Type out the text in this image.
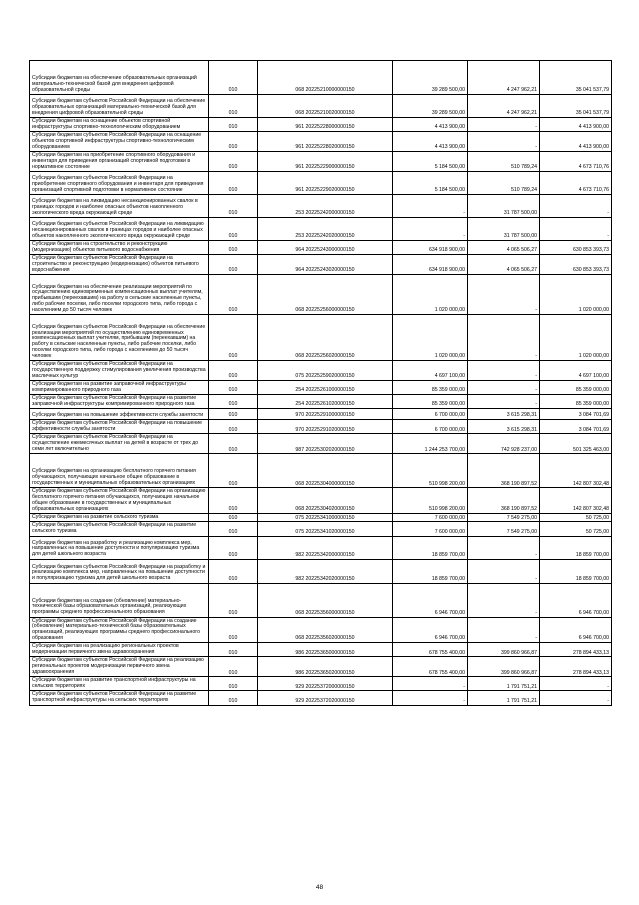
Субсидии бюджетам на обеспечение образовательных организаций материально-технической базой для внедрения цифровой образовательной среды	010	068 20225210000000150	39 289 500,00	4 247 962,21	35 041 537,79
Субсидии бюджетам субъектов Российской Федерации на обеспечение образовательных организаций материально-технической базой для внедрения цифровой образовательной среды	010	068 20225210020000150	39 289 500,00	4 247 962,21	35 041 537,79
Субсидии бюджетам на оснащение объектов спортивной инфраструктуры спортивно-технологическим оборудованием	010	961 20225228000000150	4 413 900,00	-	4 413 900,00
Субсидии бюджетам субъектов Российской Федерации на оснащение объектов спортивной инфраструктуры спортивно-технологическим оборудованием	010	961 20225228020000150	4 413 900,00	-	4 413 900,00
Субсидии бюджетам на приобретение спортивного оборудования и инвентаря для приведения организаций спортивной подготовки в нормативное состояние	010	961 20225229000000150	5 184 500,00	510 789,24	4 673 710,76
Субсидии бюджетам субъектов Российской Федерации на приобретение спортивного оборудования и инвентаря для приведения организаций спортивной подготовки в нормативное состояние	010	961 20225229020000150	5 184 500,00	510 789,24	4 673 710,76
Субсидии бюджетам на ликвидацию несанкционированных свалок в границах городов и наиболее опасных объектов накопленного экологического вреда окружающей среде	010	253 20225242000000150	-	31 787 500,00	-
Субсидии бюджетам субъектов Российской Федерации на ликвидацию несанкционированных свалок в границах городов и наиболее опасных объектов накопленного экологического вреда окружающей среде	010	253 20225242020000150	-	31 787 500,00	-
Субсидии бюджетам на строительство и реконструкцию (модернизацию) объектов питьевого водоснабжения	010	964 20225243000000150	634 918 900,00	4 065 506,27	630 853 393,73
Субсидии бюджетам субъектов Российской Федерации на строительство и реконструкцию (модернизацию) объектов питьевого водоснабжения	010	964 20225243020000150	634 918 900,00	4 065 506,27	630 853 393,73
Субсидии бюджетам на обеспечение реализации мероприятий по осуществлению единовременных компенсационных выплат учителям, прибывшим (переехавшим) на работу в сельские населенные пункты, либо рабочие поселки, либо поселки городского типа, либо города с населением до 50 тысяч человек	010	068 20225256000000150	1 020 000,00	-	1 020 000,00
Субсидии бюджетам субъектов Российской Федерации на обеспечение реализации мероприятий по осуществлению единовременных компенсационных выплат учителям, прибывшим (переехавшим) на работу в сельские населенные пункты, либо рабочие поселки, либо поселки городского типа, либо города с населением до 50 тысяч человек	010	068 20225256020000150	1 020 000,00	-	1 020 000,00
Субсидии бюджетам субъектов Российской Федерации на государственную поддержку стимулирования увеличения производства масличных культур	010	075 20225259020000150	4 697 100,00	-	4 697 100,00
Субсидии бюджетам на развитие заправочной инфраструктуры компримированного природного газа	010	254 20225261000000150	85 359 000,00	-	85 359 000,00
Субсидии бюджетам субъектов Российской Федерации на развитие заправочной инфраструктуры компримированного природного газа	010	254 20225261020000150	85 359 000,00	-	85 359 000,00
Субсидии бюджетам на повышение эффективности службы занятости	010	970 20225291000000150	6 700 000,00	3 615 298,31	3 084 701,69
Субсидии бюджетам субъектов Российской Федерации на повышение эффективности службы занятости	010	970 20225291020000150	6 700 000,00	3 615 298,31	3 084 701,69
Субсидии бюджетам субъектов Российской Федерации на осуществление ежемесячных выплат на детей в возрасте от трех до семи лет включительно	010	987 20225302020000150	1 244 253 700,00	742 928 237,00	501 325 463,00
Субсидии бюджетам на организацию бесплатного горячего питания обучающихся, получающих начальное общее образование в государственных и муниципальных образовательных организациях	010	068 20225304000000150	510 998 200,00	368 190 897,52	142 807 302,48
Субсидии бюджетам субъектов Российской Федерации на организацию бесплатного горячего питания обучающихся, получающих начальное общее образование в государственных и муниципальных образовательных организациях	010	068 20225304020000150	510 998 200,00	368 190 897,52	142 807 302,48
Субсидии бюджетам на развитие сельского туризма	010	075 20225341000000150	7 600 000,00	7 549 275,00	50 725,00
Субсидии бюджетам субъектов Российской Федерации на развитие сельского туризма	010	075 20225341020000150	7 600 000,00	7 549 275,00	50 725,00
Субсидии бюджетам на разработку и реализацию комплекса мер, направленных на повышение доступности и популяризацию туризма для детей школьного возраста	010	982 20225342000000150	18 859 700,00	-	18 859 700,00
Субсидии бюджетам субъектов Российской Федерации на разработку и реализацию комплекса мер, направленных на повышение доступности и популяризацию туризма для детей школьного возраста	010	982 20225342020000150	18 859 700,00	-	18 859 700,00
Субсидии бюджетам на создание (обновление) материально-технической базы образовательных организаций, реализующих программы среднего профессионального образования	010	068 20225356000000150	6 946 700,00	-	6 946 700,00
Субсидии бюджетам субъектов Российской Федерации на создание (обновление) материально-технической базы образовательных организаций, реализующих программы среднего профессионального образования	010	068 20225356020000150	6 946 700,00	-	6 946 700,00
Субсидии бюджетам на реализацию региональных проектов модернизации первичного звена здравоохранения	010	986 20225365000000150	678 755 400,00	399 860 966,87	278 894 433,13
Субсидии бюджетам субъектов Российской Федерации на реализацию региональных проектов модернизации первичного звена здравоохранения	010	986 20225365020000150	678 755 400,00	399 860 966,87	278 894 433,13
Субсидии бюджетам на развитие транспортной инфраструктуры на сельских территориях	010	929 20225372000000150	-	1 791 751,21	-
Субсидии бюджетам субъектов Российской Федерации на развитие транспортной инфраструктуры на сельских территориях	010	929 20225372020000150	-	1 791 751,21	-
48
